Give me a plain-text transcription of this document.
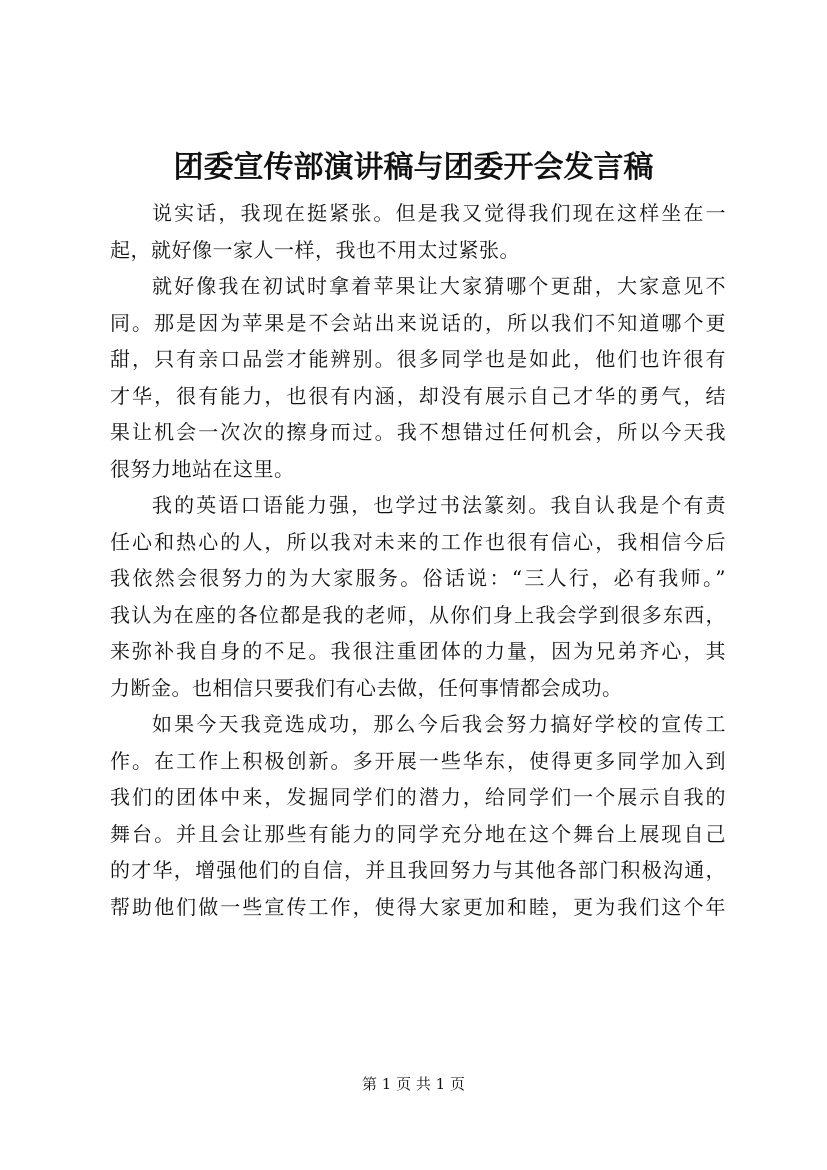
团委宣传部演讲稿与团委开会发言稿
说实话，我现在挺紧张。但是我又觉得我们现在这样坐在一
起，就好像一家人一样，我也不用太过紧张。
就好像我在初试时拿着苹果让大家猜哪个更甜，大家意见不
同。那是因为苹果是不会站出来说话的，所以我们不知道哪个更
甜，只有亲口品尝才能辨别。很多同学也是如此，他们也许很有
才华，很有能力，也很有内涵，却没有展示自己才华的勇气，结
果让机会一次次的擦身而过。我不想错过任何机会，所以今天我
很努力地站在这里。
我的英语口语能力强，也学过书法篆刻。我自认我是个有责
任心和热心的人，所以我对未来的工作也很有信心，我相信今后
我依然会很努力的为大家服务。俗话说：“三人行，必有我师。”
我认为在座的各位都是我的老师，从你们身上我会学到很多东西，
来弥补我自身的不足。我很注重团体的力量，因为兄弟齐心，其
力断金。也相信只要我们有心去做，任何事情都会成功。
如果今天我竞选成功，那么今后我会努力搞好学校的宣传工
作。在工作上积极创新。多开展一些华东，使得更多同学加入到
我们的团体中来，发掘同学们的潜力，给同学们一个展示自我的
舞台。并且会让那些有能力的同学充分地在这个舞台上展现自己
的才华，增强他们的自信，并且我回努力与其他各部门积极沟通，
帮助他们做一些宣传工作，使得大家更加和睦，更为我们这个年
第 1 页 共 1 页
